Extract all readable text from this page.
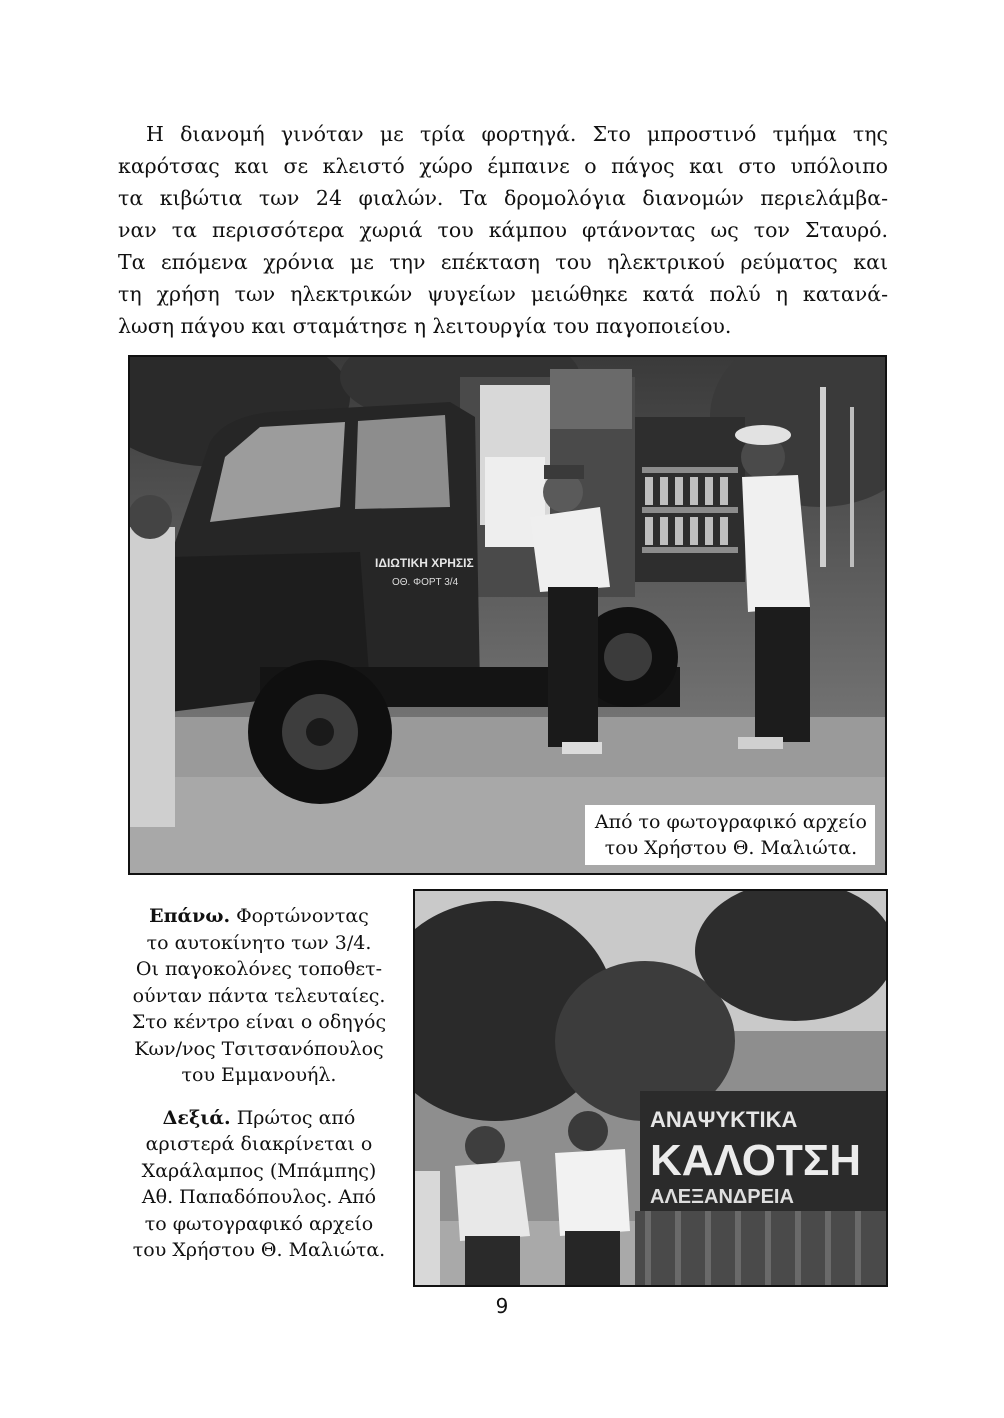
Η διανομή γινόταν με τρία φορτηγά. Στο μπροστινό τμήμα της
καρότσας και σε κλειστό χώρο έμπαινε ο πάγος και στο υπόλοιπο
τα κιβώτια των 24 φιαλών. Τα δρομολόγια διανομών περιελάμβα-
ναν τα περισσότερα χωριά του κάμπου φτάνοντας ως τον Σταυρό.
Τα επόμενα χρόνια με την επέκταση του ηλεκτρικού ρεύματος και
τη χρήση των ηλεκτρικών ψυγείων μειώθηκε κατά πολύ η κατανά-
λωση πάγου και σταμάτησε η λειτουργία του παγοποιείου.
ΙΔΙΩΤΙΚΗ ΧΡΗΣΙΣ
ΟΘ. ΦΟΡΤ 3/4
Από το φωτογραφικό αρχείο
του Χρήστου Θ. Μαλιώτα.

Επάνω. Φορτώνοντας
το αυτοκίνητο των 3/4.
Οι παγοκολόνες τοποθετ-
ούνταν πάντα τελευταίες.
Στο κέντρο είναι ο οδηγός
Κων/νος Τσιτσανόπουλος
του Εμμανουήλ.

Δεξιά. Πρώτος από
αριστερά διακρίνεται ο
Χαράλαμπος (Μπάμπης)
Αθ. Παπαδόπουλος. Από
το φωτογραφικό αρχείο
του Χρήστου Θ. Μαλιώτα.

ΑΝΑΨΥΚΤΙΚΑ
ΚΑΛΟΤΣΗ
ΑΛΕΞΑΝΔΡΕΙΑ
9
